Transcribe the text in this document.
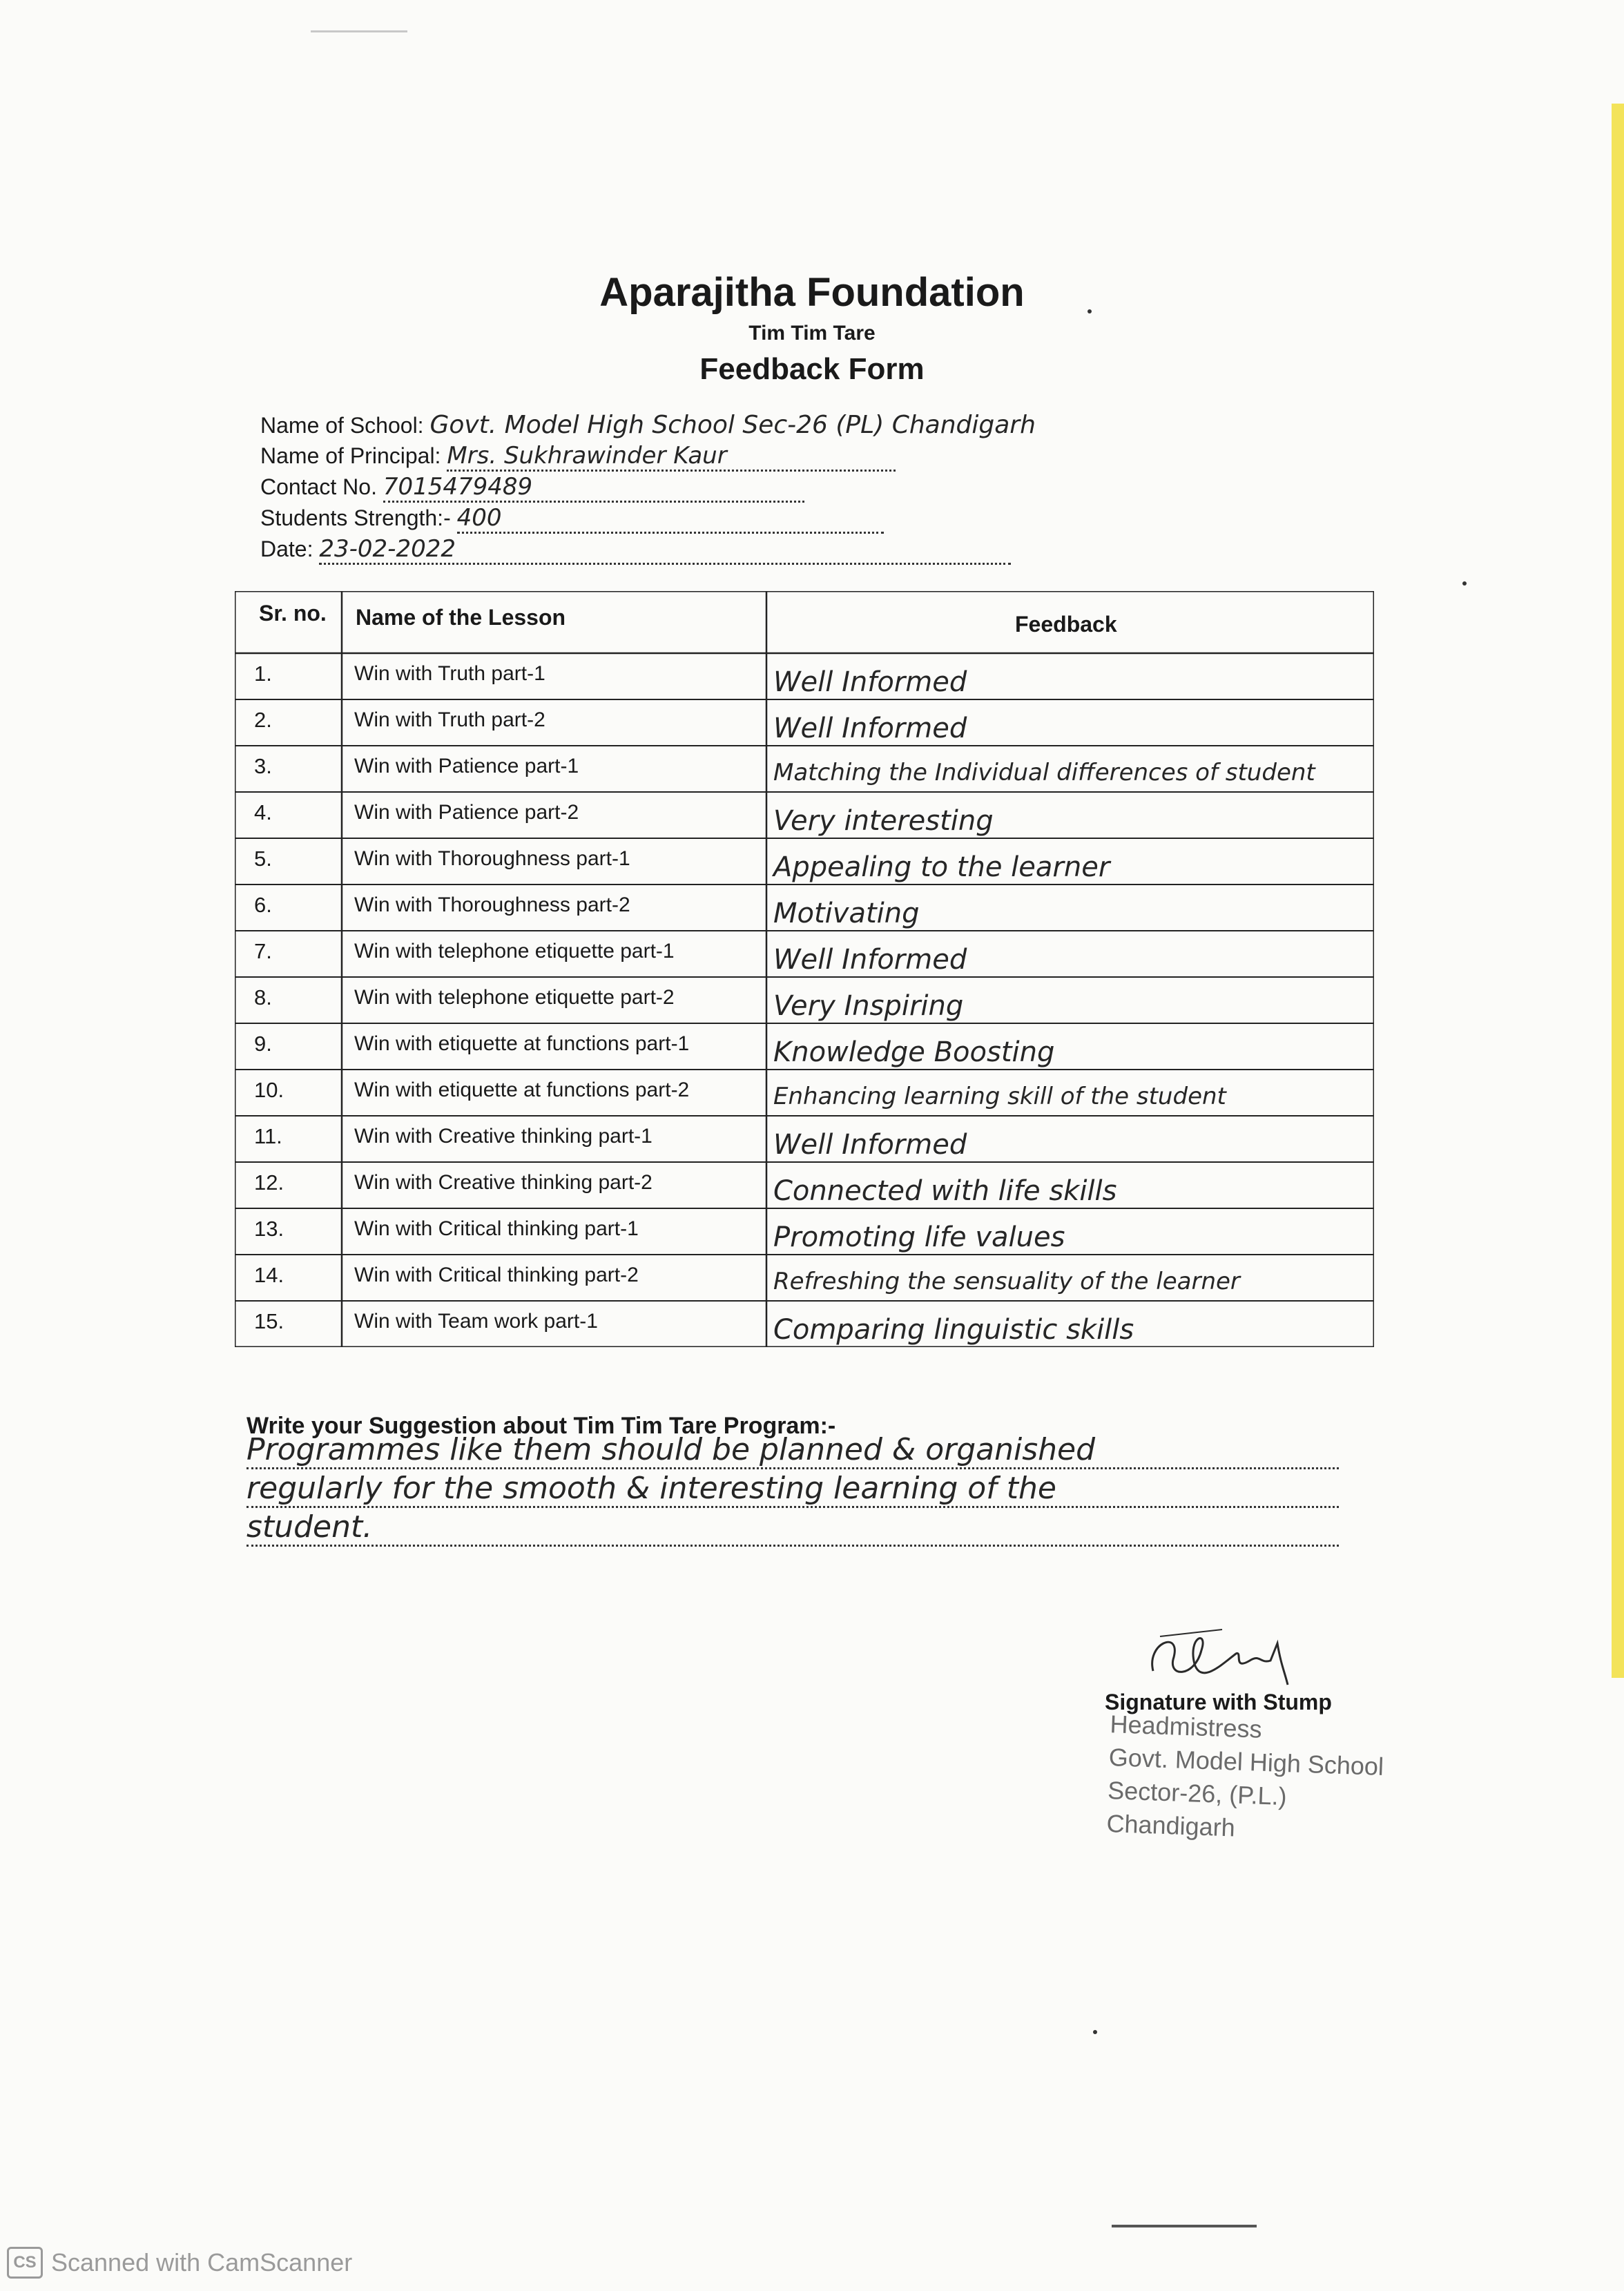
Aparajitha Foundation
Tim Tim Tare
Feedback Form
Name of School: Govt. Model High School Sec-26 (PL) Chandigarh
Name of Principal: Mrs. Sukhrawinder Kaur
Contact No. 7015479489
Students Strength:- 400
Date: 23-02-2022
Sr. no. Name of the Lesson	Feedback
1.	Win with Truth part-1	Well Informed
2.	Win with Truth part-2	Well Informed
3.	Win with Patience part-1	Matching the Individual differences of student
4.	Win with Patience part-2	Very interesting
5.	Win with Thoroughness part-1	Appealing to the learner
6.	Win with Thoroughness part-2	Motivating
7.	Win with telephone etiquette part-1	Well Informed
8.	Win with telephone etiquette part-2	Very Inspiring
9.	Win with etiquette at functions part-1	Knowledge Boosting
10.	Win with etiquette at functions part-2	Enhancing learning skill of the student
11.	Win with Creative thinking part-1	Well Informed
12.	Win with Creative thinking part-2	Connected with life skills
13.	Win with Critical thinking part-1	Promoting life values
14.	Win with Critical thinking part-2	Refreshing the sensuality of the learner
15.	Win with Team work part-1	Comparing linguistic skills
Write your Suggestion about Tim Tim Tare Program:-
Programmes like them should be planned & organished
regularly for the smooth & interesting learning of the
student.
Signature with Stump
Headmistress
Govt. Model High School
Sector-26, (P.L.)
Chandigarh
CS Scanned with CamScanner
